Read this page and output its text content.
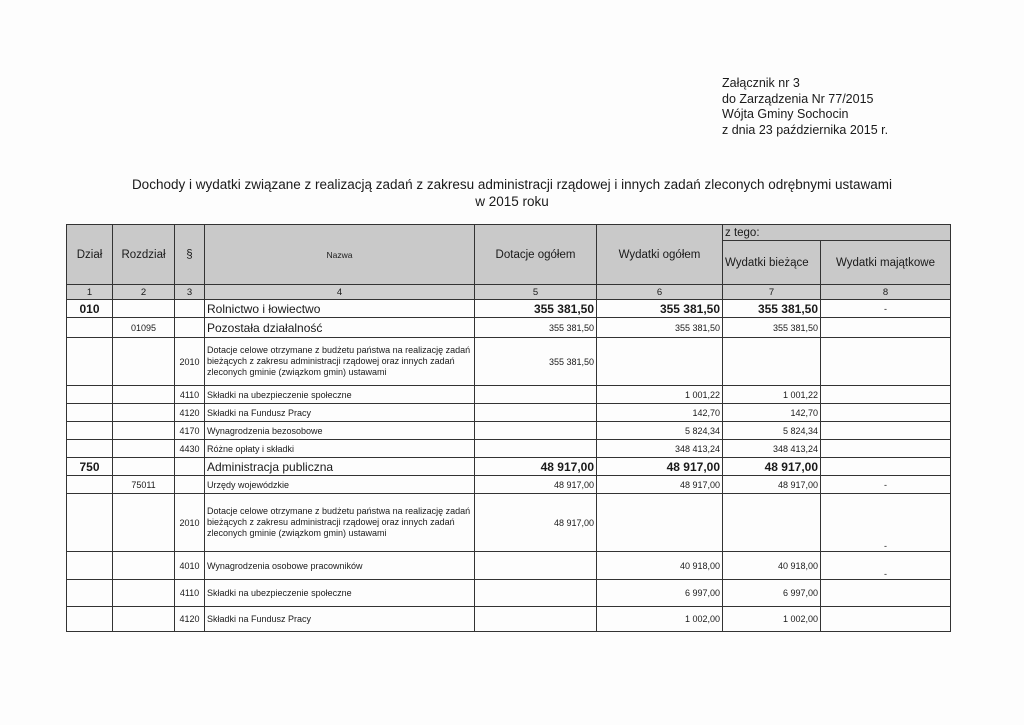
Załącznik nr 3
do Zarządzenia Nr 77/2015
Wójta Gminy Sochocin
z dnia 23 października 2015 r.
Dochody i wydatki związane z realizacją zadań z zakresu administracji rządowej i innych zadań zleconych odrębnymi ustawami
w 2015 roku
Dział	Rozdział	§	Nazwa	Dotacje ogółem	Wydatki ogółem	z tego:	
						Wydatki bieżące	Wydatki majątkowe
1	2	3	4	5	6	7	8
010			Rolnictwo i łowiectwo	355 381,50	355 381,50	355 381,50	-
	01095		Pozostała działalność	355 381,50	355 381,50	355 381,50	
		2010	Dotacje celowe otrzymane z budżetu państwa na realizację zadań bieżących z zakresu administracji rządowej oraz innych zadań zleconych gminie (związkom gmin) ustawami	355 381,50			
		4110	Składki na ubezpieczenie społeczne		1 001,22	1 001,22	
		4120	Składki na Fundusz Pracy		142,70	142,70	
		4170	Wynagrodzenia bezosobowe		5 824,34	5 824,34	
		4430	Różne opłaty i składki		348 413,24	348 413,24	
750			Administracja publiczna	48 917,00	48 917,00	48 917,00	
	75011		Urzędy wojewódzkie	48 917,00	48 917,00	48 917,00	-
		2010	Dotacje celowe otrzymane z budżetu państwa na realizację zadań bieżących z zakresu administracji rządowej oraz innych zadań zleconych gminie (związkom gmin) ustawami	48 917,00			-
		4010	Wynagrodzenia osobowe pracowników		40 918,00	40 918,00	-
		4110	Składki na ubezpieczenie społeczne		6 997,00	6 997,00	
		4120	Składki na Fundusz Pracy		1 002,00	1 002,00	
